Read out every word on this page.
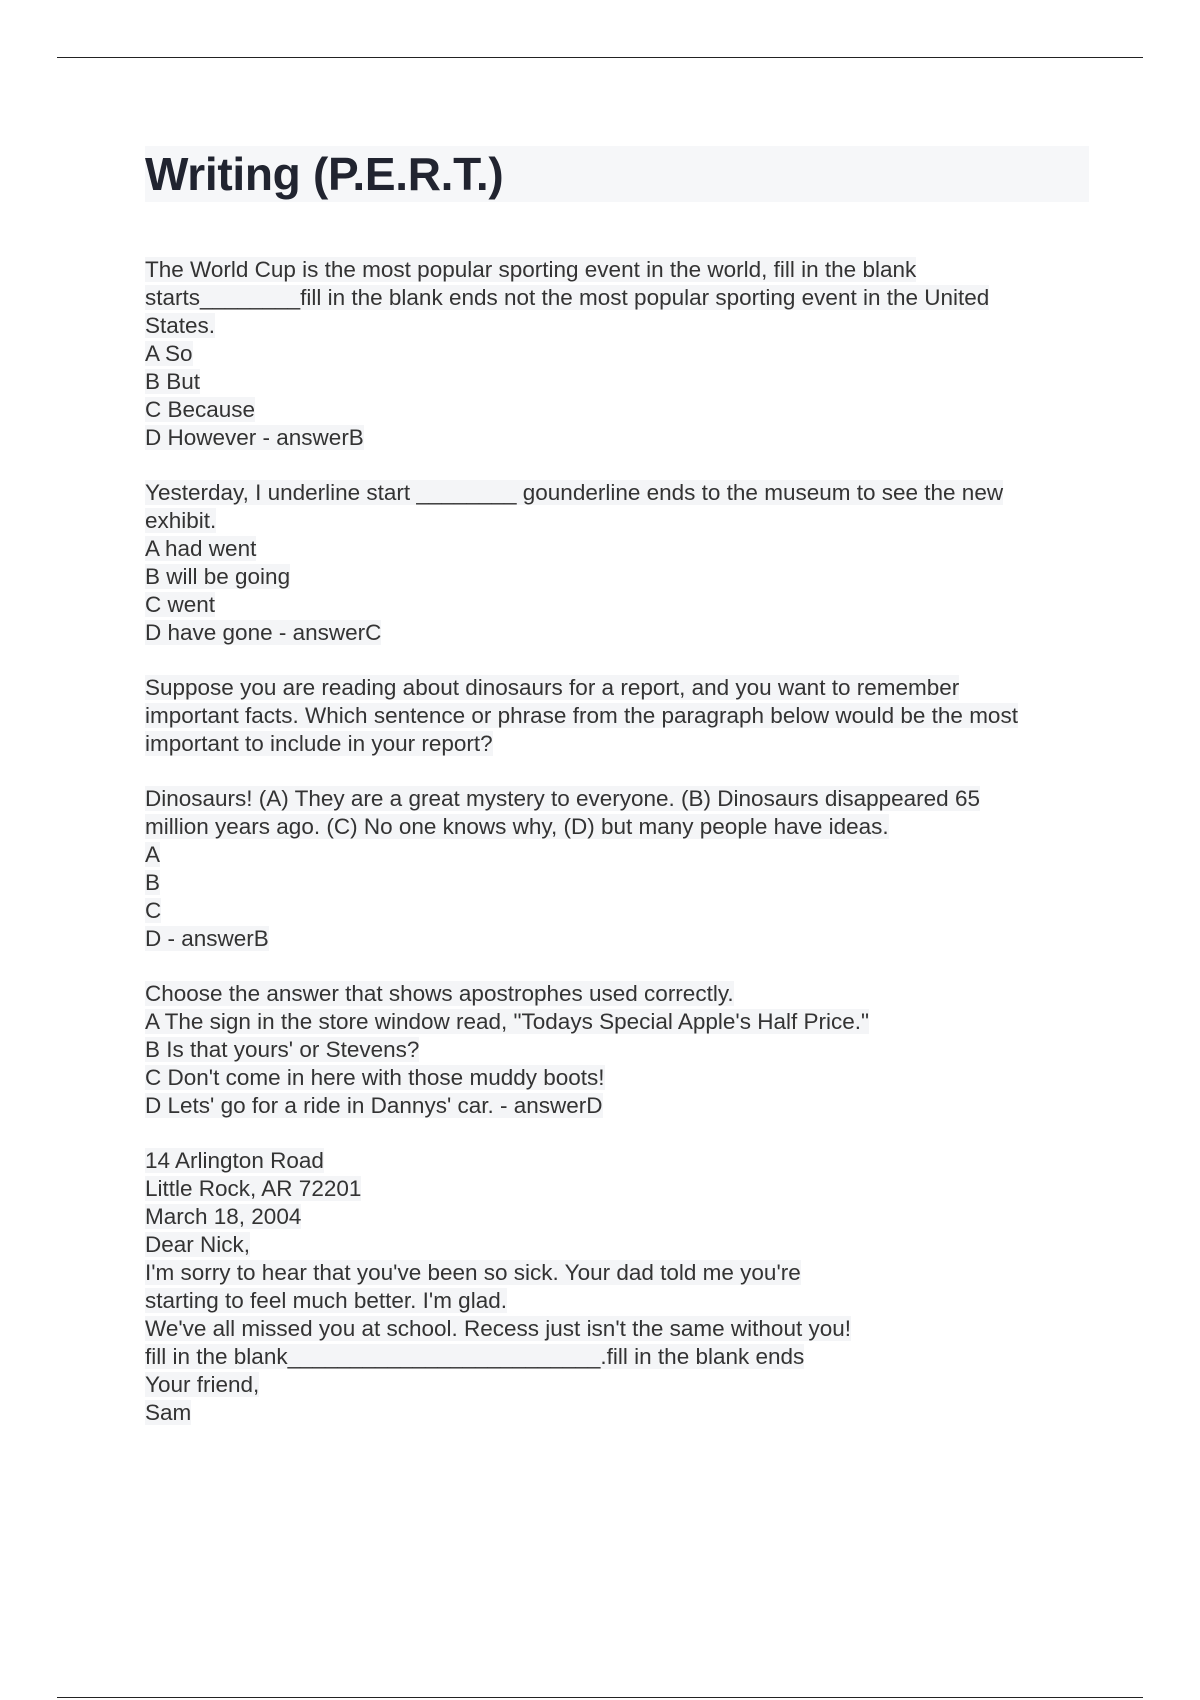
Writing (P.E.R.T.)
The World Cup is the most popular sporting event in the world, fill in the blank
starts________fill in the blank ends not the most popular sporting event in the United
States.
A So
B But
C Because
D However - answerB
Yesterday, I underline start ________ gounderline ends to the museum to see the new
exhibit.
A had went
B will be going
C went
D have gone - answerC
Suppose you are reading about dinosaurs for a report, and you want to remember
important facts. Which sentence or phrase from the paragraph below would be the most
important to include in your report?
Dinosaurs! (A) They are a great mystery to everyone. (B) Dinosaurs disappeared 65
million years ago. (C) No one knows why, (D) but many people have ideas.
A
B
C
D - answerB
Choose the answer that shows apostrophes used correctly.
A The sign in the store window read, "Todays Special Apple's Half Price."
B Is that yours' or Stevens?
C Don't come in here with those muddy boots!
D Lets' go for a ride in Dannys' car. - answerD
14 Arlington Road
Little Rock, AR 72201
March 18, 2004
Dear Nick,
I'm sorry to hear that you've been so sick. Your dad told me you're
starting to feel much better. I'm glad.
We've all missed you at school. Recess just isn't the same without you!
fill in the blank_________________________.fill in the blank ends
Your friend,
Sam
